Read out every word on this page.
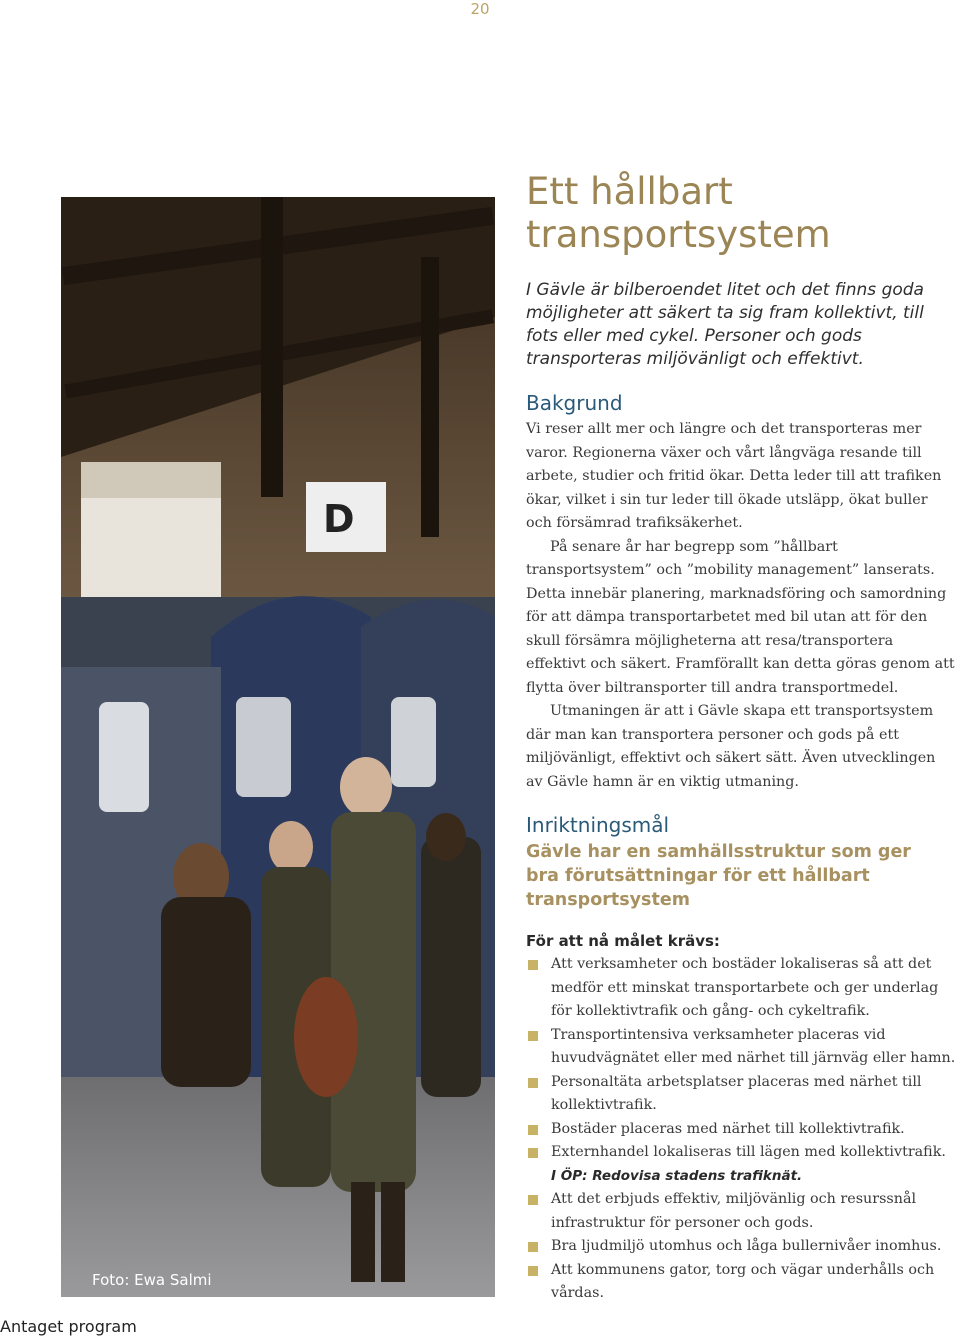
20
D
Foto: Ewa Salmi
Antaget program
Ett hållbart transportsystem

I Gävle är bilberoendet litet och det finns goda möjligheter att säkert ta sig fram kollektivt, till fots eller med cykel. Personer och gods transporteras miljövänligt och effektivt.

Bakgrund

Vi reser allt mer och längre och det transporteras mer varor. Regionerna växer och vårt långväga resande till arbete, studier och fritid ökar. Detta leder till att trafiken ökar, vilket i sin tur leder till ökade utsläpp, ökat buller och försämrad trafiksäkerhet.

På senare år har begrepp som ”hållbart transportsystem” och ”mobility management” lanserats. Detta innebär planering, marknadsföring och samordning för att dämpa transportarbetet med bil utan att för den skull försämra möjligheterna att resa/transportera effektivt och säkert. Framförallt kan detta göras genom att flytta över biltransporter till andra transportmedel.

Utmaningen är att i Gävle skapa ett transportsystem där man kan transportera personer och gods på ett miljövänligt, effektivt och säkert sätt. Även utvecklingen av Gävle hamn är en viktig utmaning.

Inriktningsmål

Gävle har en samhällsstruktur som ger bra förutsättningar för ett hållbart transportsystem

För att nå målet krävs:
Att verksamheter och bostäder lokaliseras så att det medför ett minskat transportarbete och ger underlag för kollektivtrafik och gång- och cykeltrafik.
Transportintensiva verksamheter placeras vid huvudvägnätet eller med närhet till järnväg eller hamn.
Personaltäta arbetsplatser placeras med närhet till kollektivtrafik.
Bostäder placeras med närhet till kollektivtrafik.
Externhandel lokaliseras till lägen med kollektivtrafik.
I ÖP: Redovisa stadens trafiknät.
Att det erbjuds effektiv, miljövänlig och resurssnål infrastruktur för personer och gods.
Bra ljudmiljö utomhus och låga bullernivåer inomhus.
Att kommunens gator, torg och vägar underhålls och vårdas.
